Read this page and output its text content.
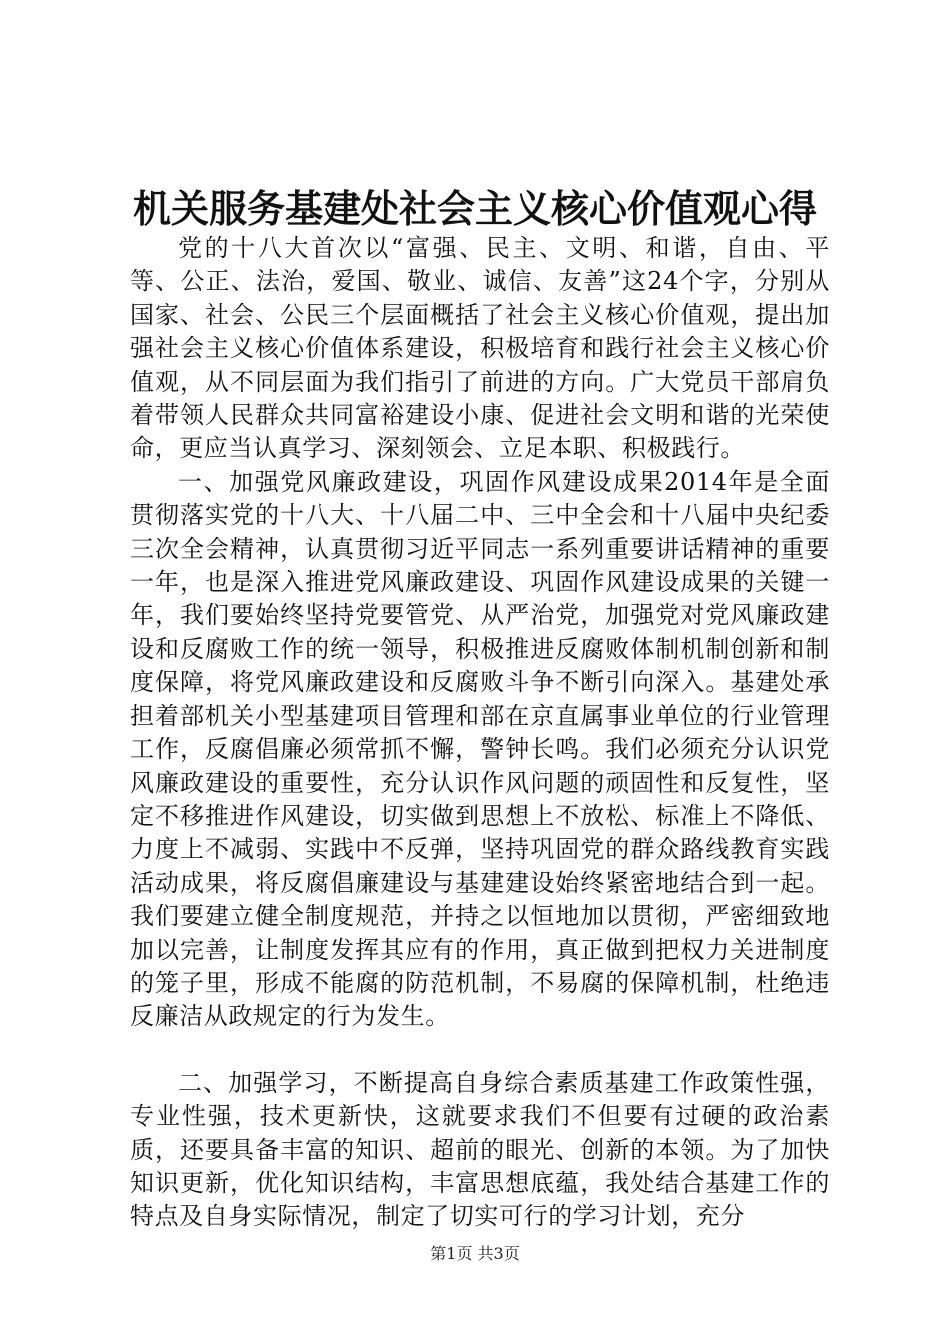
机关服务基建处社会主义核心价值观心得

党的十八大首次以“富强、民主、文明、和谐，自由、平等、公正、法治，爱国、敬业、诚信、友善”这24个字，分别从国家、社会、公民三个层面概括了社会主义核心价值观，提出加强社会主义核心价值体系建设，积极培育和践行社会主义核心价值观，从不同层面为我们指引了前进的方向。广大党员干部肩负着带领人民群众共同富裕建设小康、促进社会文明和谐的光荣使命，更应当认真学习、深刻领会、立足本职、积极践行。

一、加强党风廉政建设，巩固作风建设成果2014年是全面贯彻落实党的十八大、十八届二中、三中全会和十八届中央纪委三次全会精神，认真贯彻习近平同志一系列重要讲话精神的重要一年，也是深入推进党风廉政建设、巩固作风建设成果的关键一年，我们要始终坚持党要管党、从严治党，加强党对党风廉政建设和反腐败工作的统一领导，积极推进反腐败体制机制创新和制度保障，将党风廉政建设和反腐败斗争不断引向深入。基建处承担着部机关小型基建项目管理和部在京直属事业单位的行业管理工作，反腐倡廉必须常抓不懈，警钟长鸣。我们必须充分认识党风廉政建设的重要性，充分认识作风问题的顽固性和反复性，坚定不移推进作风建设，切实做到思想上不放松、标准上不降低、力度上不减弱、实践中不反弹，坚持巩固党的群众路线教育实践活动成果，将反腐倡廉建设与基建建设始终紧密地结合到一起。我们要建立健全制度规范，并持之以恒地加以贯彻，严密细致地加以完善，让制度发挥其应有的作用，真正做到把权力关进制度的笼子里，形成不能腐的防范机制，不易腐的保障机制，杜绝违反廉洁从政规定的行为发生。

二、加强学习，不断提高自身综合素质基建工作政策性强，专业性强，技术更新快，这就要求我们不但要有过硬的政治素质，还要具备丰富的知识、超前的眼光、创新的本领。为了加快知识更新，优化知识结构，丰富思想底蕴，我处结合基建工作的特点及自身实际情况，制定了切实可行的学习计划，充分

第1页 共3页
